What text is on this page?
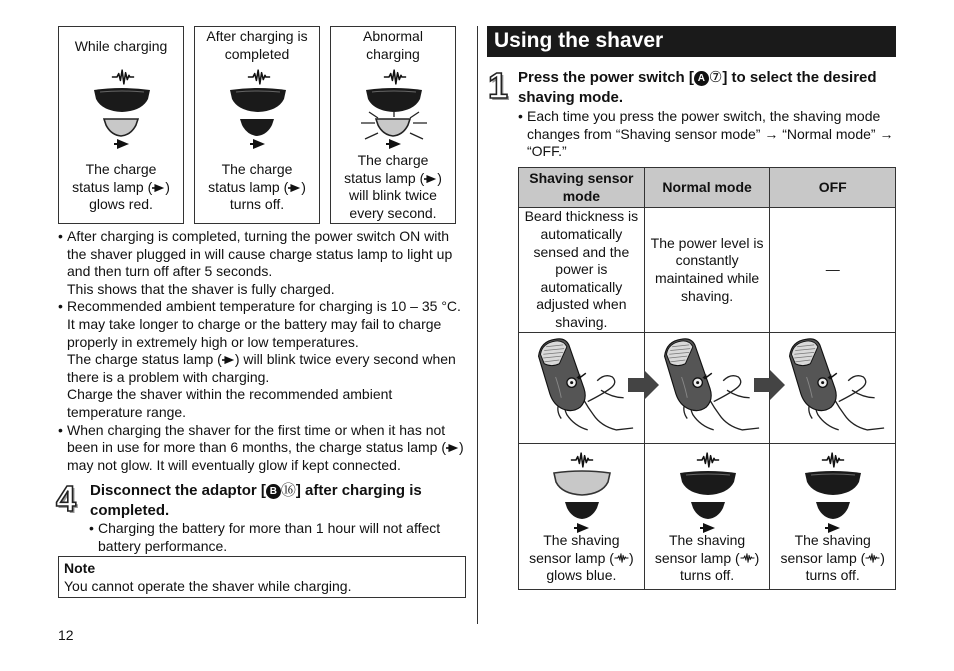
While charging
The charge status lamp ( ) glows red.
After charging is completed
The charge status lamp ( ) turns off.
Abnormal charging
The charge status lamp ( ) will blink twice every second.
• After charging is completed, turning the power switch ON with the shaver plugged in will cause charge status lamp to light up and then turn off after 5 seconds.
This shows that the shaver is fully charged.
• Recommended ambient temperature for charging is 10 – 35 °C. It may take longer to charge or the battery may fail to charge properly in extremely high or low temperatures.
The charge status lamp ( ) will blink twice every second when there is a problem with charging.
Charge the shaver within the recommended ambient temperature range.
• When charging the shaver for the first time or when it has not been in use for more than 6 months, the charge status lamp ( ) may not glow. It will eventually glow if kept connected.
4 Disconnect the adaptor [ B ⑯] after charging is completed.
• Charging the battery for more than 1 hour will not affect battery performance.
Note
You cannot operate the shaver while charging.
12
Using the shaver
1 Press the power switch [ A ⑦] to select the desired shaving mode.
• Each time you press the power switch, the shaving mode changes from “Shaving sensor mode” → “Normal mode” → “OFF.”
Shaving sensor mode	Normal mode	OFF
Beard thickness is automatically sensed and the power is automatically adjusted when shaving.	The power level is constantly maintained while shaving.	—

The shaving sensor lamp ( ) glows blue.	The shaving sensor lamp ( ) turns off.	The shaving sensor lamp ( ) turns off.
